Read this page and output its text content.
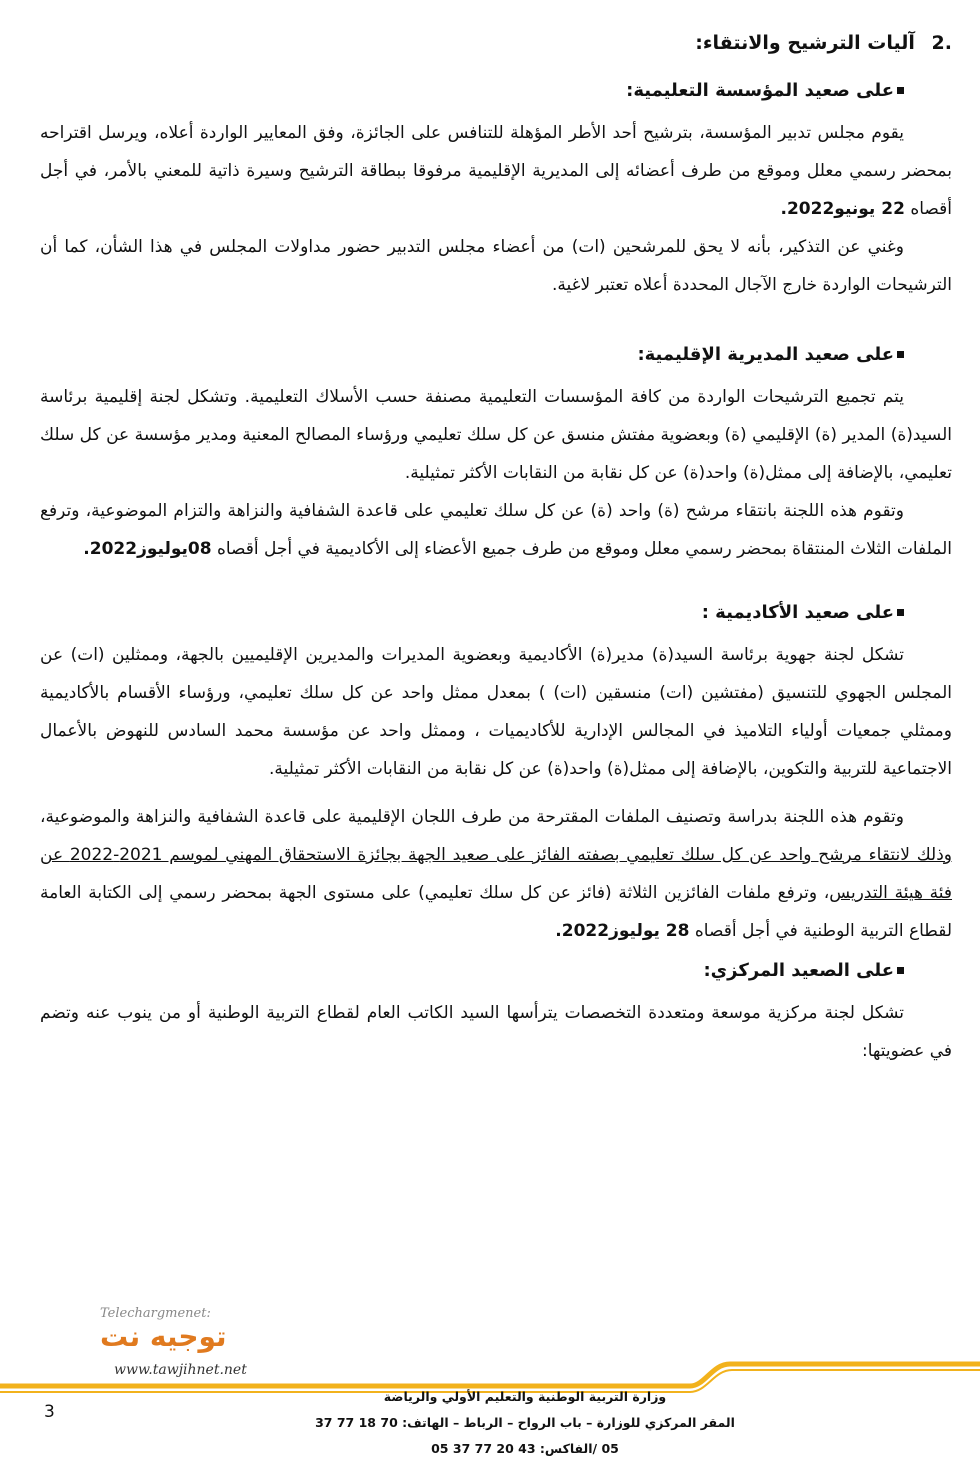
.2 آليات الترشيح والانتقاء:
على صعيد المؤسسة التعليمية:

يقوم مجلس تدبير المؤسسة، بترشيح أحد الأطر المؤهلة للتنافس على الجائزة، وفق المعايير الواردة أعلاه، ويرسل اقتراحه بمحضر رسمي معلل وموقع من طرف أعضائه إلى المديرية الإقليمية مرفوقا ببطاقة الترشيح وسيرة ذاتية للمعني بالأمر، في أجل أقصاه 22 يونيو2022.

وغني عن التذكير، بأنه لا يحق للمرشحين (ات) من أعضاء مجلس التدبير حضور مداولات المجلس في هذا الشأن، كما أن الترشيحات الواردة خارج الآجال المحددة أعلاه تعتبر لاغية.

على صعيد المديرية الإقليمية:

يتم تجميع الترشيحات الواردة من كافة المؤسسات التعليمية مصنفة حسب الأسلاك التعليمية. وتشكل لجنة إقليمية برئاسة السيد(ة) المدير (ة) الإقليمي (ة) وبعضوية مفتش منسق عن كل سلك تعليمي ورؤساء المصالح المعنية ومدير مؤسسة عن كل سلك تعليمي، بالإضافة إلى ممثل(ة) واحد(ة) عن كل نقابة من النقابات الأكثر تمثيلية.

وتقوم هذه اللجنة بانتقاء مرشح (ة) واحد (ة) عن كل سلك تعليمي على قاعدة الشفافية والنزاهة والتزام الموضوعية، وترفع الملفات الثلاث المنتقاة بمحضر رسمي معلل وموقع من طرف جميع الأعضاء إلى الأكاديمية في أجل أقصاه 08يوليوز2022.

على صعيد الأكاديمية :

تشكل لجنة جهوية برئاسة السيد(ة) مدير(ة) الأكاديمية وبعضوية المديرات والمديرين الإقليميين بالجهة، وممثلين (ات) عن المجلس الجهوي للتنسيق (مفتشين (ات) منسقين (ات) ) بمعدل ممثل واحد عن كل سلك تعليمي، ورؤساء الأقسام بالأكاديمية وممثلي جمعيات أولياء التلاميذ في المجالس الإدارية للأكاديميات ، وممثل واحد عن مؤسسة محمد السادس للنهوض بالأعمال الاجتماعية للتربية والتكوين، بالإضافة إلى ممثل(ة) واحد(ة) عن كل نقابة من النقابات الأكثر تمثيلية.

وتقوم هذه اللجنة بدراسة وتصنيف الملفات المقترحة من طرف اللجان الإقليمية على قاعدة الشفافية والنزاهة والموضوعية، وذلك لانتقاء مرشح واحد عن كل سلك تعليمي بصفته الفائز على صعيد الجهة بجائزة الاستحقاق المهني لموسم 2021-2022 عن فئة هيئة التدريس، وترفع ملفات الفائزين الثلاثة (فائز عن كل سلك تعليمي) على مستوى الجهة بمحضر رسمي إلى الكتابة العامة لقطاع التربية الوطنية في أجل أقصاه 28 يوليوز2022.

على الصعيد المركزي:

تشكل لجنة مركزية موسعة ومتعددة التخصصات يترأسها السيد الكاتب العام لقطاع التربية الوطنية أو من ينوب عنه وتضم في عضويتها:

Telechargmenet:
توجيه نت
www.tawjihnet.net
وزارة التربية الوطنية والتعليم الأولي والرياضة
المقر المركزي للوزارة – باب الرواح – الرباط – الهاتف: 70 18 77 37 05 /الفاكس: 43 20 77 37 05
3
